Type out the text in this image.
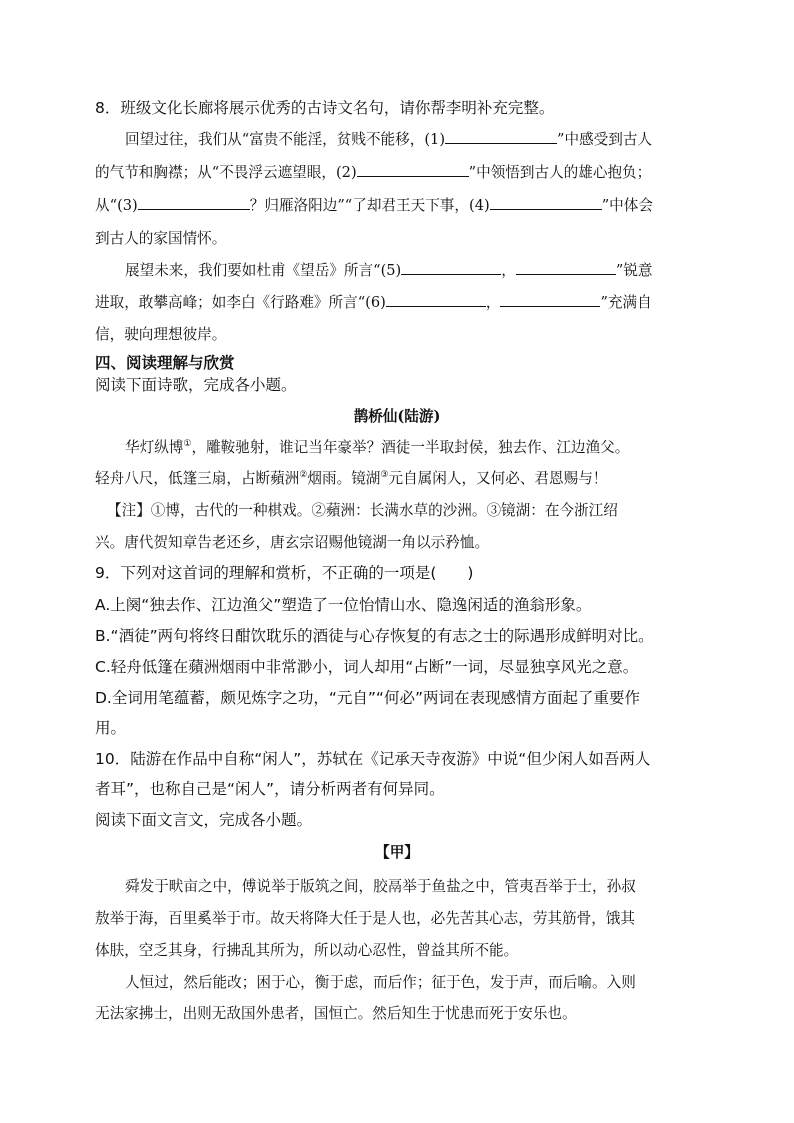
8．班级文化长廊将展示优秀的古诗文名句，请你帮李明补充完整。
回望过往，我们从“富贵不能淫，贫贱不能移，(1)	”中感受到古人
的气节和胸襟；从“不畏浮云遮望眼，(2)	”中领悟到古人的雄心抱负；
从“(3)	？归雁洛阳边”“了却君王天下事，(4)	”中体会
到古人的家国情怀。
展望未来，我们要如杜甫《望岳》所言“(5)	，	”锐意
进取，敢攀高峰；如李白《行路难》所言“(6)	，	”充满自
信，驶向理想彼岸。
四、阅读理解与欣赏
阅读下面诗歌，完成各小题。
鹊桥仙(陆游)
华灯纵博①，雕鞍驰射，谁记当年豪举？酒徒一半取封侯，独去作、江边渔父。
轻舟八尺，低篷三扇，占断蘋洲②烟雨。镜湖③元自属闲人，又何必、君恩赐与！
【注】①博，古代的一种棋戏。②蘋洲：长满水草的沙洲。③镜湖：在今浙江绍
兴。唐代贺知章告老还乡，唐玄宗诏赐他镜湖一角以示矜恤。
9．下列对这首词的理解和赏析，不正确的一项是(　　)
A.上阕“独去作、江边渔父”塑造了一位怡情山水、隐逸闲适的渔翁形象。
B.“酒徒”两句将终日酣饮耽乐的酒徒与心存恢复的有志之士的际遇形成鲜明对比。
C.轻舟低篷在蘋洲烟雨中非常渺小，词人却用“占断”一词，尽显独享风光之意。
D.全词用笔蕴蓄，颇见炼字之功，“元自”“何必”两词在表现感情方面起了重要作
用。
10．陆游在作品中自称“闲人”，苏轼在《记承天寺夜游》中说“但少闲人如吾两人
者耳”，也称自己是“闲人”，请分析两者有何异同。
阅读下面文言文，完成各小题。
【甲】
舜发于畎亩之中，傅说举于版筑之间，胶鬲举于鱼盐之中，管夷吾举于士，孙叔
敖举于海，百里奚举于市。故天将降大任于是人也，必先苦其心志，劳其筋骨，饿其
体肤，空乏其身，行拂乱其所为，所以动心忍性，曾益其所不能。
人恒过，然后能改；困于心，衡于虑，而后作；征于色，发于声，而后喻。入则
无法家拂士，出则无敌国外患者，国恒亡。然后知生于忧患而死于安乐也。
